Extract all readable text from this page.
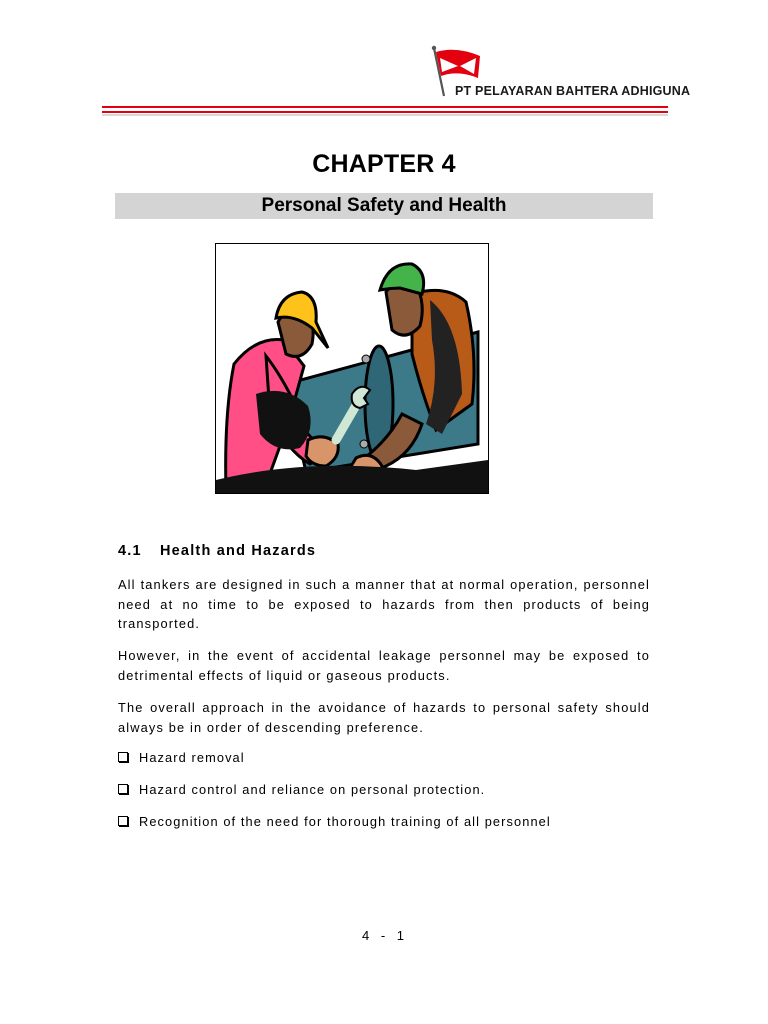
PT PELAYARAN BAHTERA ADHIGUNA
CHAPTER 4
Personal Safety and Health
4.1 Health and Hazards
All tankers are designed in such a manner that at normal operation, personnel need at no time to be exposed to hazards from then products of being transported.
However, in the event of accidental leakage personnel may be exposed to detrimental effects of liquid or gaseous products.
The overall approach in the avoidance of hazards to personal safety should always be in order of descending preference.
Hazard removal
Hazard control and reliance on personal protection.
Recognition of the need for thorough training of all personnel
4 - 1
